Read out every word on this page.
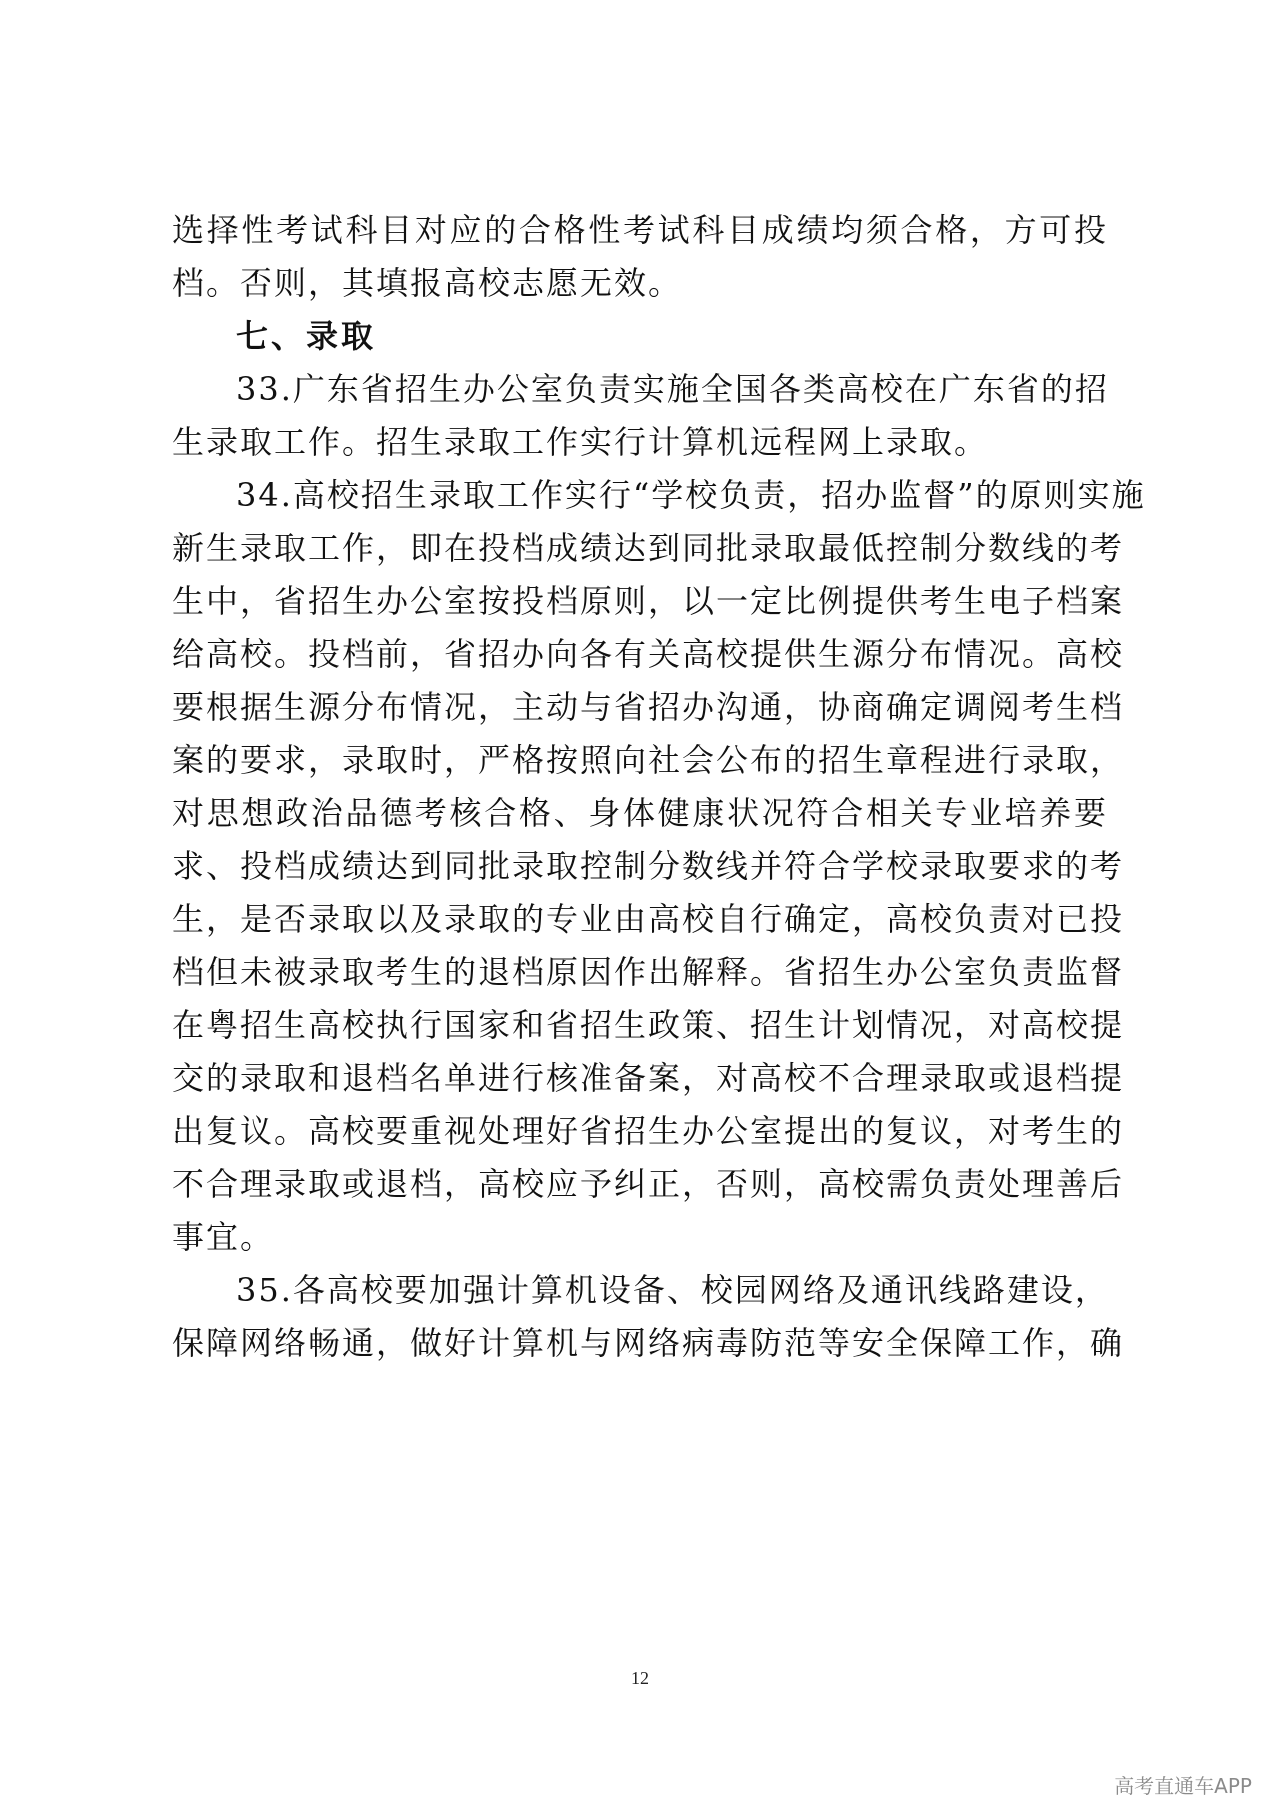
选择性考试科目对应的合格性考试科目成绩均须合格，方可投
档。否则，其填报高校志愿无效。
七、录取
33.广东省招生办公室负责实施全国各类高校在广东省的招
生录取工作。招生录取工作实行计算机远程网上录取。
34.高校招生录取工作实行“学校负责，招办监督”的原则实施
新生录取工作，即在投档成绩达到同批录取最低控制分数线的考
生中，省招生办公室按投档原则，以一定比例提供考生电子档案
给高校。投档前，省招办向各有关高校提供生源分布情况。高校
要根据生源分布情况，主动与省招办沟通，协商确定调阅考生档
案的要求，录取时，严格按照向社会公布的招生章程进行录取，
对思想政治品德考核合格、身体健康状况符合相关专业培养要
求、投档成绩达到同批录取控制分数线并符合学校录取要求的考
生，是否录取以及录取的专业由高校自行确定，高校负责对已投
档但未被录取考生的退档原因作出解释。省招生办公室负责监督
在粤招生高校执行国家和省招生政策、招生计划情况，对高校提
交的录取和退档名单进行核准备案，对高校不合理录取或退档提
出复议。高校要重视处理好省招生办公室提出的复议，对考生的
不合理录取或退档，高校应予纠正，否则，高校需负责处理善后
事宜。
35.各高校要加强计算机设备、校园网络及通讯线路建设，
保障网络畅通，做好计算机与网络病毒防范等安全保障工作，确
12
高考直通车APP
